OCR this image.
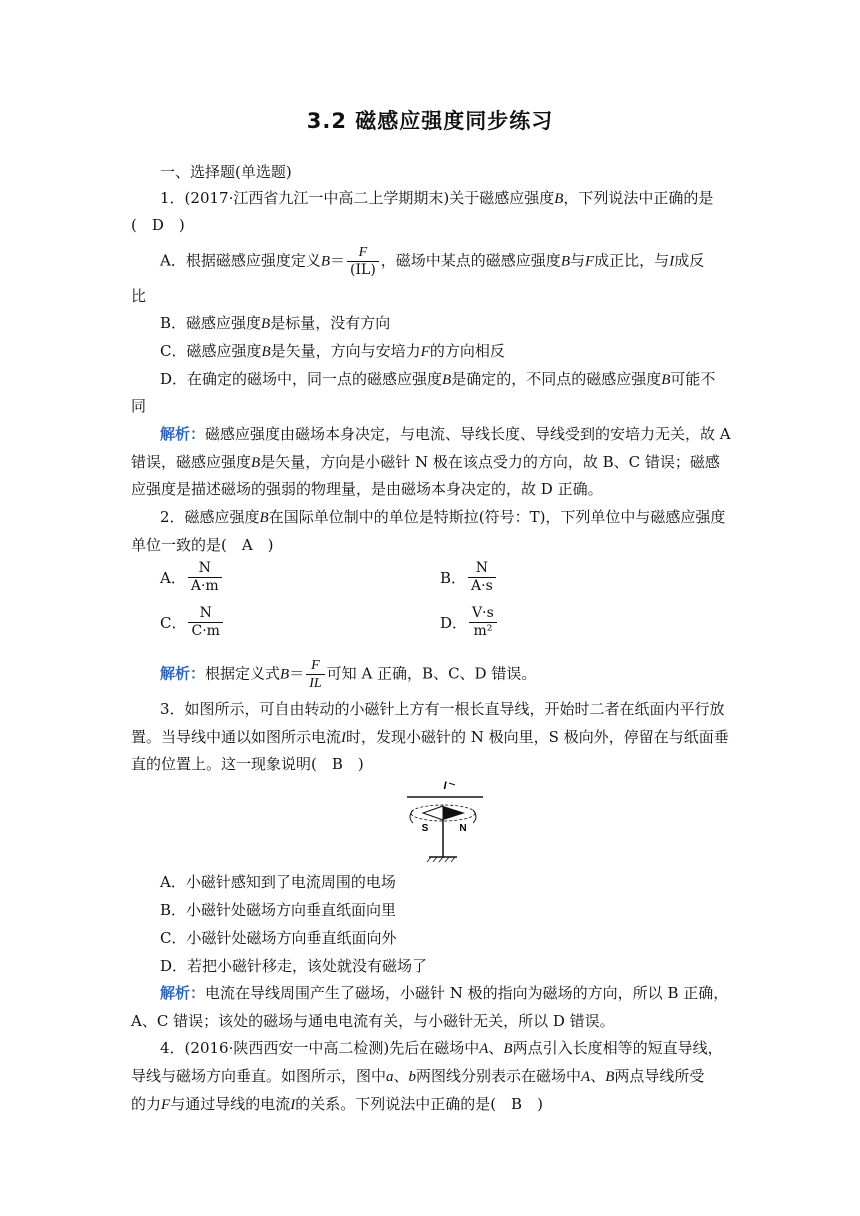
3.2 磁感应强度同步练习
一、选择题(单选题)
1．(2017·江西省九江一中高二上学期期末)关于磁感应强度B，下列说法中正确的是
(　D　)
A．根据磁感应强度定义$B= \frac{F}{(IL)}$ ，磁场中某点的磁感应强度B与F成正比，与I成反
比
B．磁感应强度B是标量，没有方向
C．磁感应强度B是矢量，方向与安培力F的方向相反
D．在确定的磁场中，同一点的磁感应强度B是确定的，不同点的磁感应强度B可能不
同
解析：磁感应强度由磁场本身决定，与电流、导线长度、导线受到的安培力无关，故 A
错误，磁感应强度B是矢量，方向是小磁针 N 极在该点受力的方向，故 B、C 错误；磁感
应强度是描述磁场的强弱的物理量，是由磁场本身决定的，故 D 正确。
2．磁感应强度B在国际单位制中的单位是特斯拉(符号：T)，下列单位中与磁感应强度
单位一致的是(　A　)
A． $\frac{N}{A\cdot m}$	B． $\frac{N}{A\cdot s}$
C． $\frac{N}{C\cdot m}$	D． $\frac{V\cdot s}{\text{m²}}$
解析：根据定义式$B= \frac{F}{IL}$ 可知 A 正确，B、C、D 错误。
3．如图所示，可自由转动的小磁针上方有一根长直导线，开始时二者在纸面内平行放
置。当导线中通以如图所示电流I时，发现小磁针的 N 极向里，S 极向外，停留在与纸面垂
直的位置上。这一现象说明(　B　)
I
S	N
A．小磁针感知到了电流周围的电场
B．小磁针处磁场方向垂直纸面向里
C．小磁针处磁场方向垂直纸面向外
D．若把小磁针移走，该处就没有磁场了
解析：电流在导线周围产生了磁场，小磁针 N 极的指向为磁场的方向，所以 B 正确，
A、C 错误；该处的磁场与通电电流有关，与小磁针无关，所以 D 错误。
4．(2016·陕西西安一中高二检测)先后在磁场中A、B两点引入长度相等的短直导线，
导线与磁场方向垂直。如图所示，图中a、b两图线分别表示在磁场中A、B两点导线所受
的力F与通过导线的电流I的关系。下列说法中正确的是(　B　)
